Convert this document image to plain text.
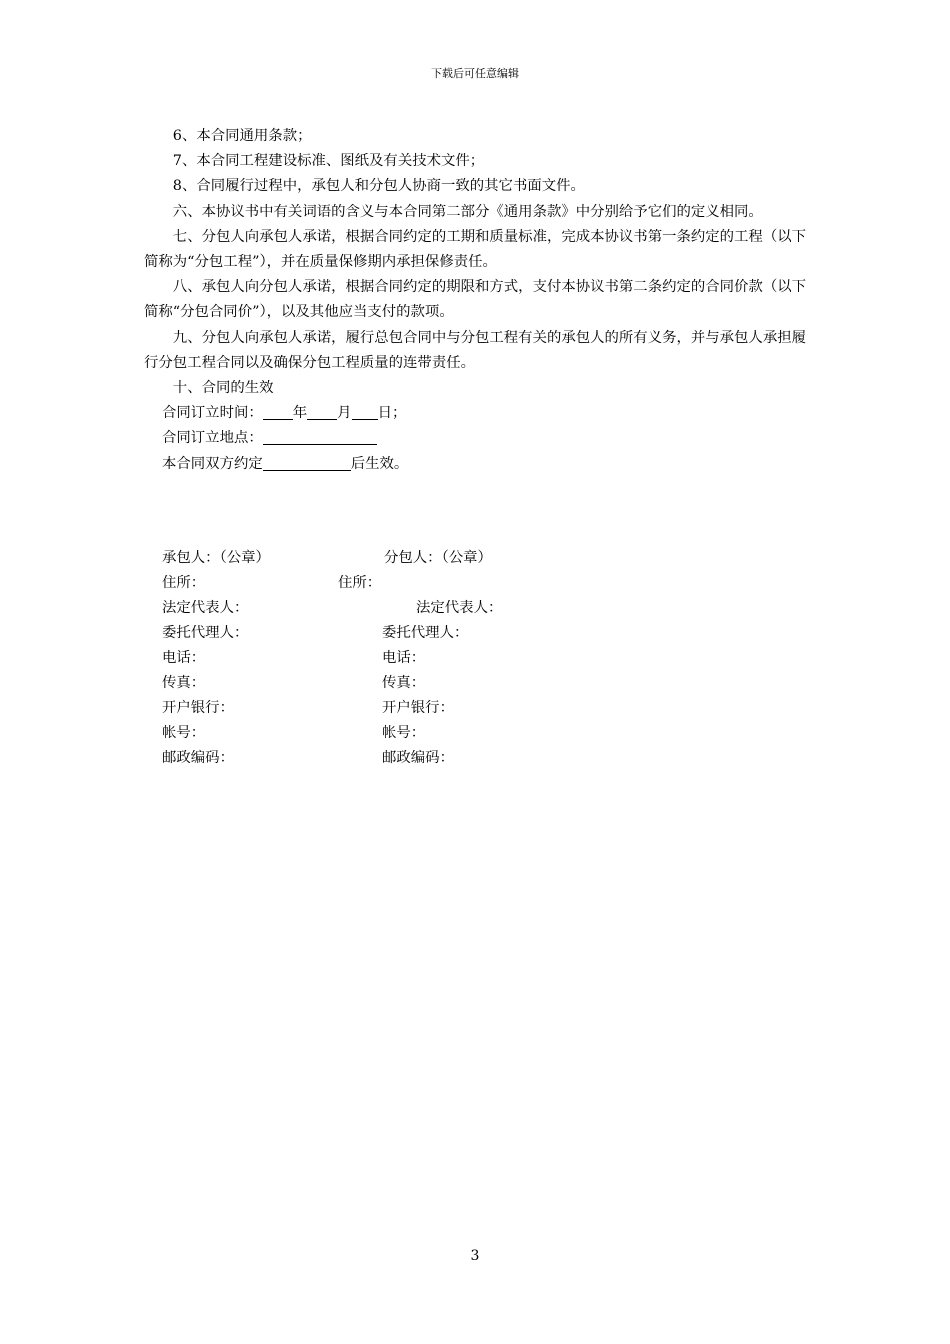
下载后可任意编辑

6、本合同通用条款；

7、本合同工程建设标准、图纸及有关技术文件；

8、合同履行过程中，承包人和分包人协商一致的其它书面文件。

六、本协议书中有关词语的含义与本合同第二部分《通用条款》中分别给予它们的定义相同。

七、分包人向承包人承诺，根据合同约定的工期和质量标准，完成本协议书第一条约定的工程（以下简称为“分包工程”），并在质量保修期内承担保修责任。

八、承包人向分包人承诺，根据合同约定的期限和方式，支付本协议书第二条约定的合同价款（以下简称“分包合同价”），以及其他应当支付的款项。

九、分包人向承包人承诺，履行总包合同中与分包工程有关的承包人的所有义务，并与承包人承担履行分包工程合同以及确保分包工程质量的连带责任。

十、合同的生效

合同订立时间： 年 月 日；

合同订立地点：

本合同双方约定	后生效。

承包人：（公章）	分包人：（公章）
住所：	住所：
法定代表人：	法定代表人：
委托代理人：	委托代理人：
电话：	电话：
传真：	传真：
开户银行：	开户银行：
帐号：	帐号：
邮政编码：	邮政编码：
3
